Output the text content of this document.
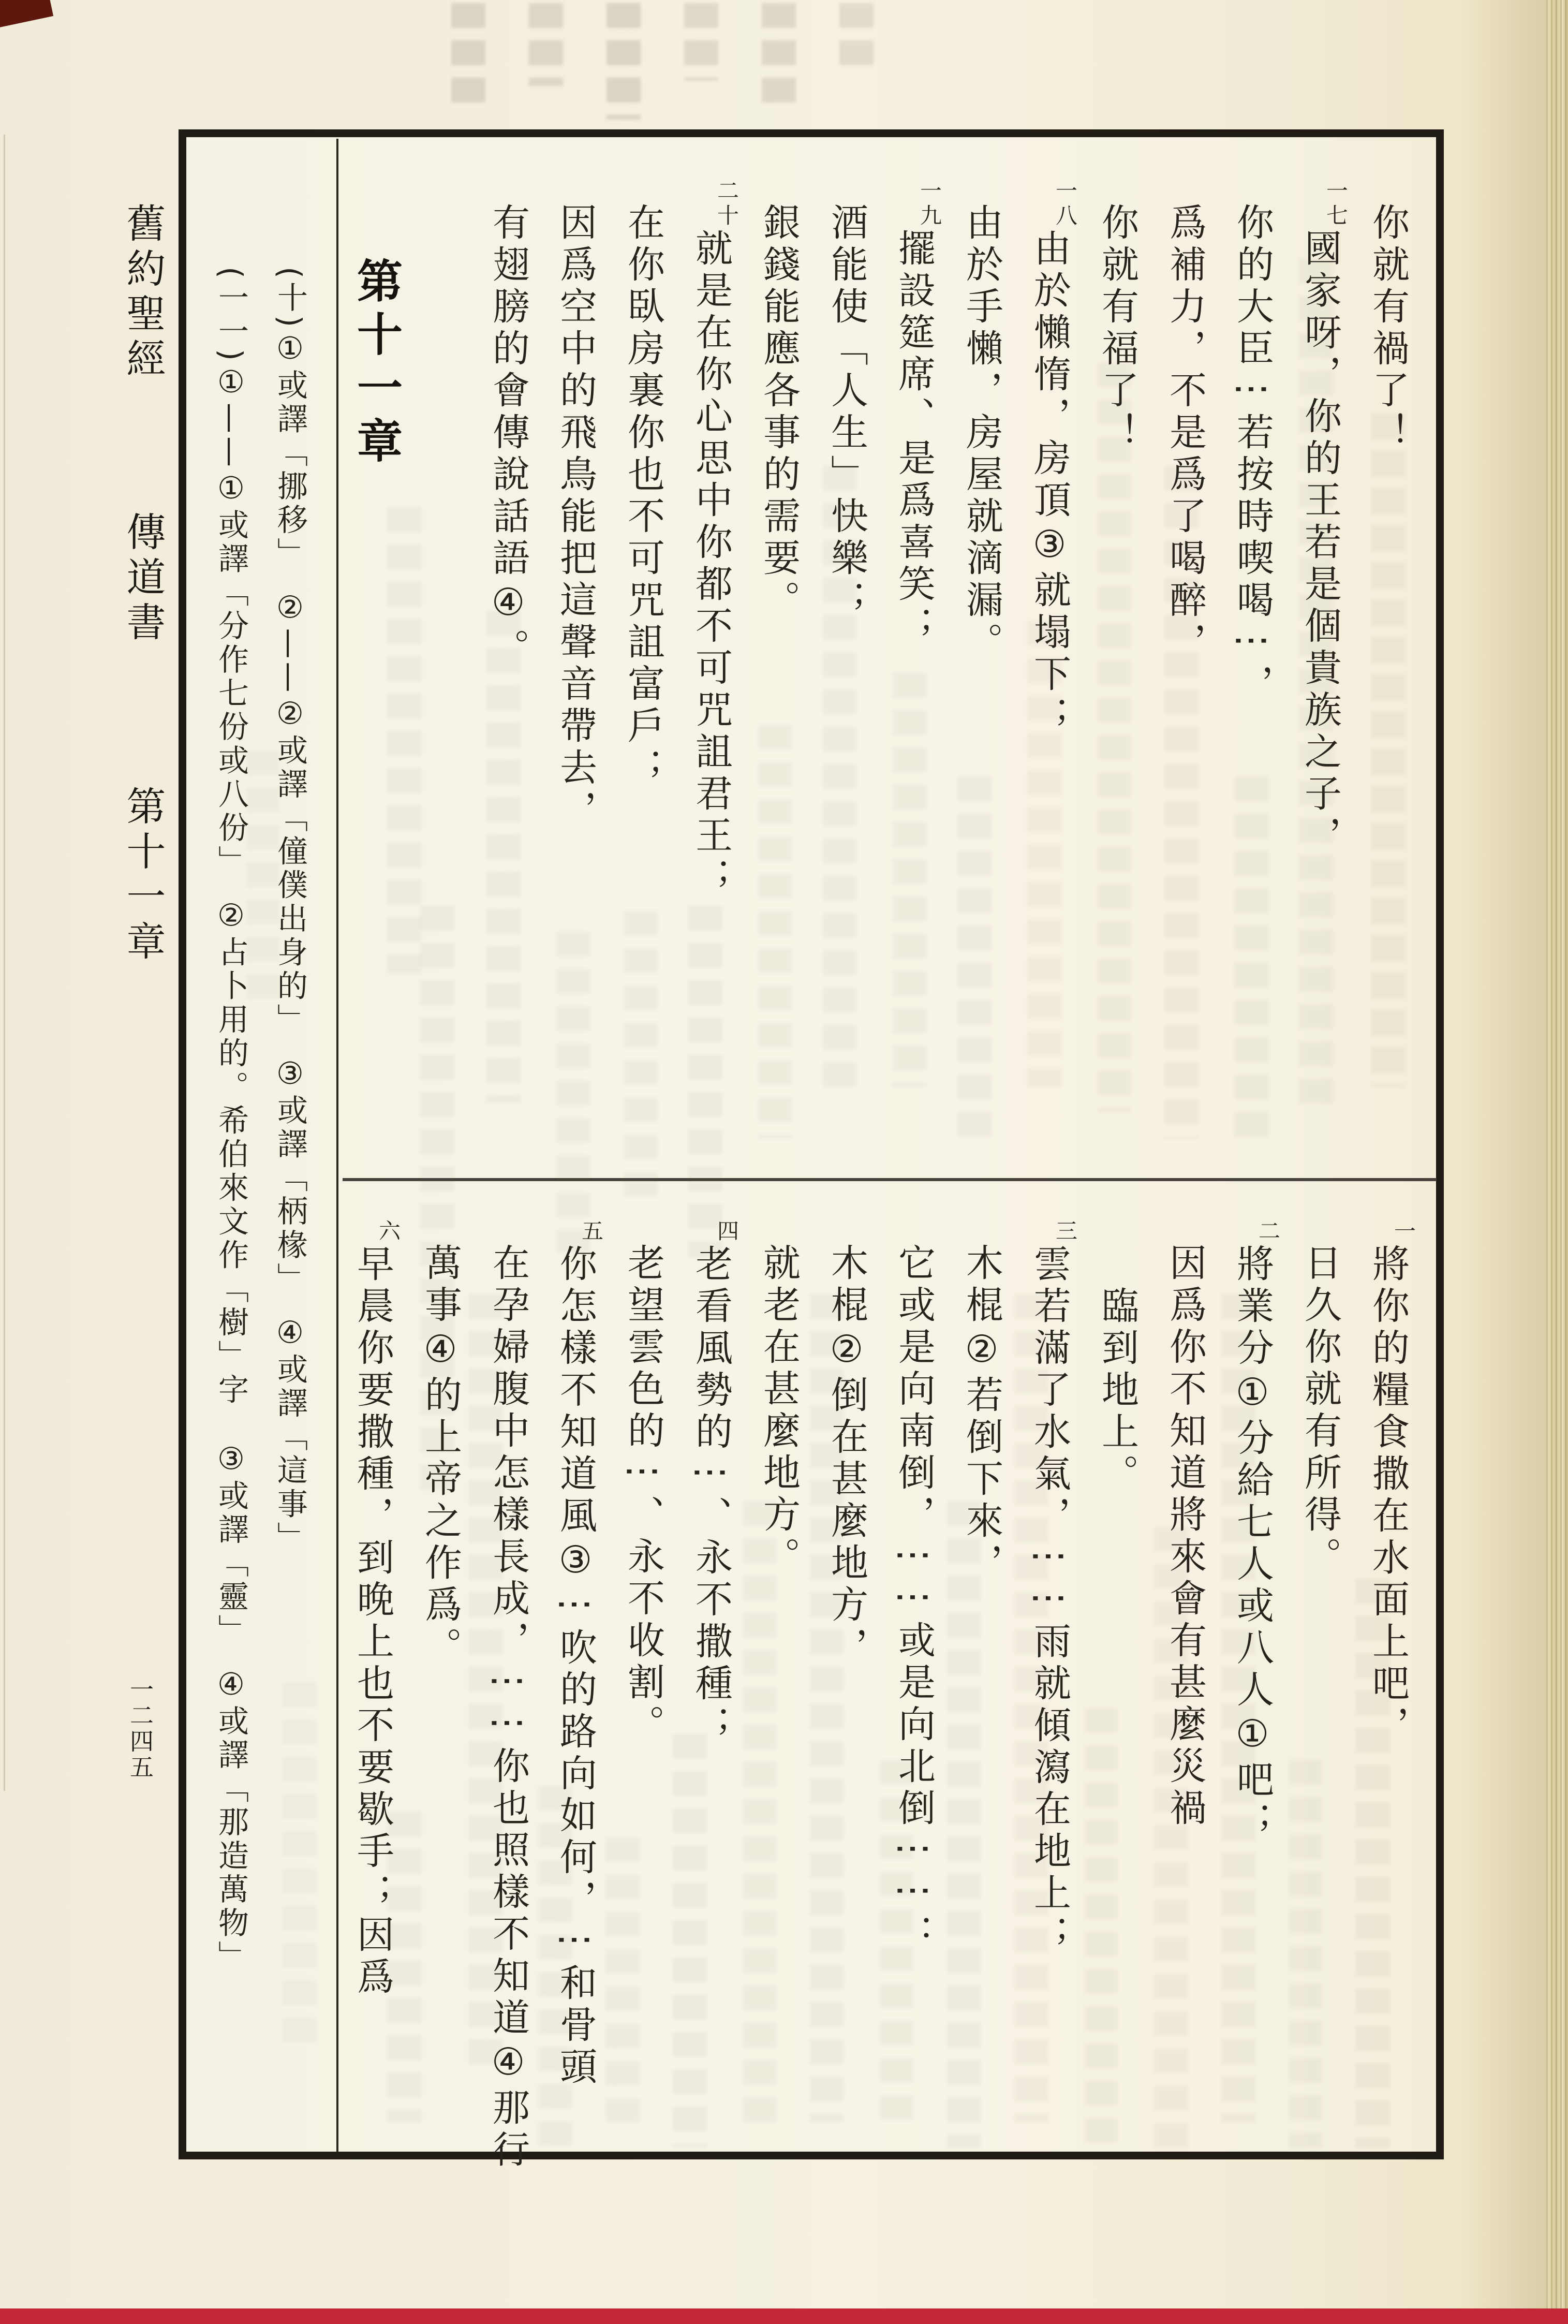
舊約聖經
傳道書
第十一章
一二四五
第十一章
(十)①或譯「挪移」　②——②或譯「僮僕出身的」　③或譯「柄椽」　④或譯「這事」
(一一)①——①或譯「分作七份或八份」　②占卜用的。希伯來文作「樹」字　③或譯「靈」　④或譯「那造萬物」	你就有禍了！
一七國家呀，你的王若是個貴族之子，
你的大臣⋮若按時喫喝⋮，
爲補力，不是爲了喝醉，
你就有福了！
一八由於懶惰，房頂③就塌下；
由於手懶，房屋就滴漏。
一九擺設筵席、是爲喜笑；
酒能使「人生」快樂；
銀錢能應各事的需要。
二十就是在你心思中你都不可咒詛君王；
在你臥房裏你也不可咒詛富戶；
因爲空中的飛鳥能把這聲音帶去，
有翅膀的會傳說話語④。
一將你的糧食撒在水面上吧，
日久你就有所得。
二將業分①分給七人或八人①吧；
因爲你不知道將來會有甚麼災禍
臨到地上。
三雲若滿了水氣，⋮⋮雨就傾瀉在地上；
木棍②若倒下來，
它或是向南倒，⋮⋮或是向北倒⋮⋮：
木棍②倒在甚麼地方，
就老在甚麼地方。
四老看風勢的⋮、永不撒種；
老望雲色的⋮、永不收割。
五你怎樣不知道風③⋮吹的路向如何，⋮和骨頭
在孕婦腹中怎樣長成，⋮⋮你也照樣不知道④那行
萬事④的上帝之作爲。
六早晨你要撒種，到晚上也不要歇手；因爲
